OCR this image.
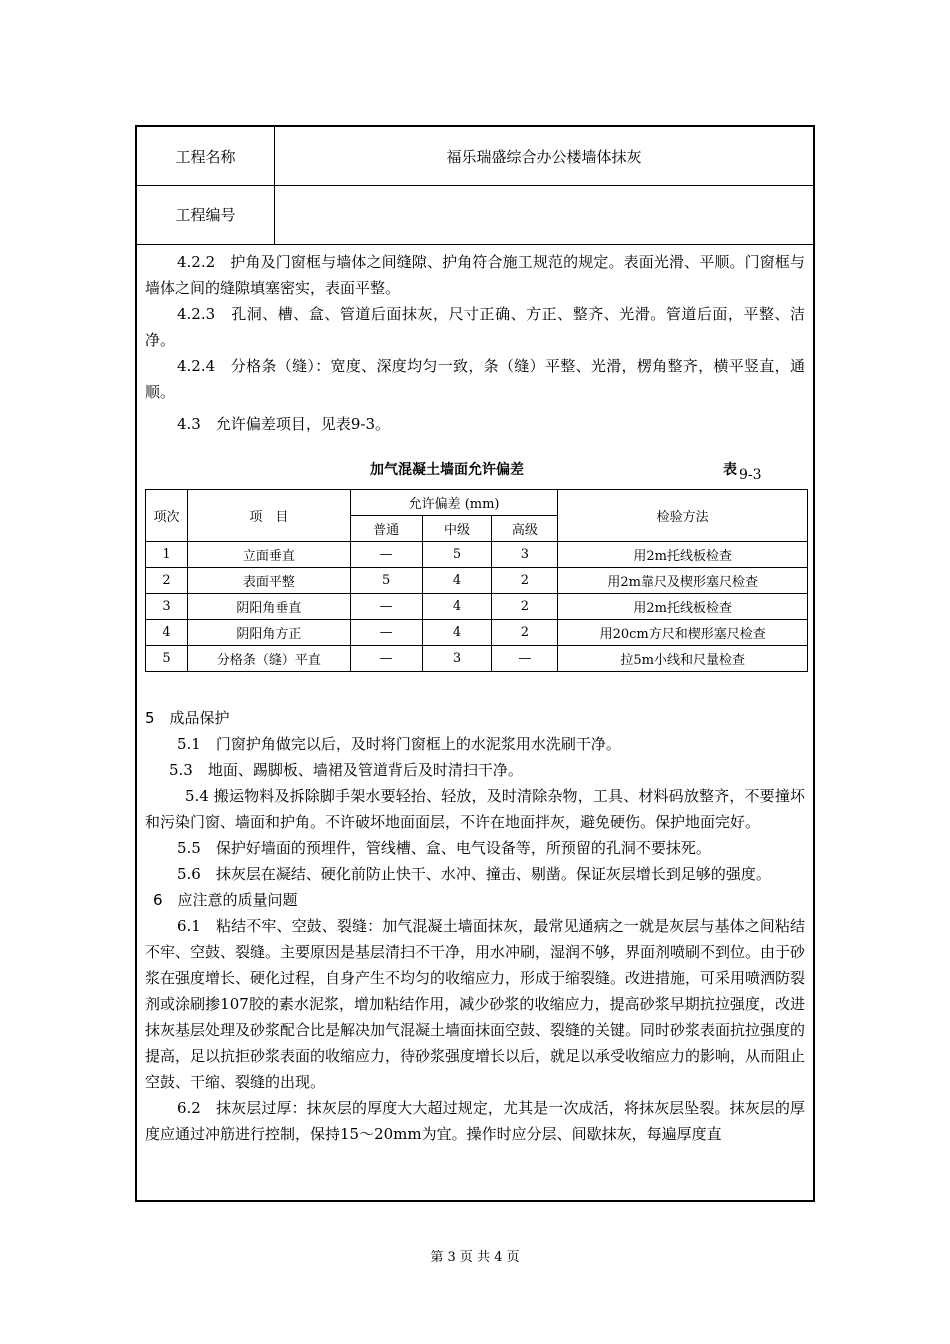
工程名称	福乐瑞盛综合办公楼墙体抹灰
工程编号

4.2.2　护角及门窗框与墙体之间缝隙、护角符合施工规范的规定。表面光滑、平顺。门窗框与墙体之间的缝隙填塞密实，表面平整。

4.2.3　孔洞、槽、盒、管道后面抹灰，尺寸正确、方正、整齐、光滑。管道后面，平整、洁净。

4.2.4　分格条（缝）：宽度、深度均匀一致，条（缝）平整、光滑，楞角整齐，横平竖直，通顺。

4.3　允许偏差项目，见表9-3。

加气混凝土墙面允许偏差	表 9-3
项次	项　目	允许偏差 (mm)			检验方法
		普通	中级	高级	
1	立面垂直	—	5	3	用2m托线板检查
2	表面平整	5	4	2	用2m靠尺及楔形塞尺检查
3	阴阳角垂直	—	4	2	用2m托线板检查
4	阴阳角方正	—	4	2	用20cm方尺和楔形塞尺检查
5	分格条（缝）平直	—	3	—	拉5m小线和尺量检查

5　成品保护

5.1　门窗护角做完以后，及时将门窗框上的水泥浆用水洗刷干净。

5.3　地面、踢脚板、墙裙及管道背后及时清扫干净。

5.4 搬运物料及拆除脚手架水要轻抬、轻放，及时清除杂物，工具、材料码放整齐，不要撞坏和污染门窗、墙面和护角。不许破坏地面面层，不许在地面拌灰，避免硬伤。保护地面完好。

5.5　保护好墙面的预埋件，管线槽、盒、电气设备等，所预留的孔洞不要抹死。

5.6　抹灰层在凝结、硬化前防止快干、水冲、撞击、剔凿。保证灰层增长到足够的强度。

6　应注意的质量问题

6.1　粘结不牢、空鼓、裂缝：加气混凝土墙面抹灰，最常见通病之一就是灰层与基体之间粘结不牢、空鼓、裂缝。主要原因是基层清扫不干净，用水冲刷，湿润不够，界面剂喷刷不到位。由于砂浆在强度增长、硬化过程，自身产生不均匀的收缩应力，形成于缩裂缝。改进措施，可采用喷洒防裂剂或涂刷掺107胶的素水泥浆，增加粘结作用，减少砂浆的收缩应力，提高砂浆早期抗拉强度，改进抹灰基层处理及砂浆配合比是解决加气混凝土墙面抹面空鼓、裂缝的关键。同时砂浆表面抗拉强度的提高，足以抗拒砂浆表面的收缩应力，待砂浆强度增长以后，就足以承受收缩应力的影响，从而阻止空鼓、干缩、裂缝的出现。

6.2　抹灰层过厚：抹灰层的厚度大大超过规定，尤其是一次成活，将抹灰层坠裂。抹灰层的厚度应通过冲筋进行控制，保持15～20mm为宜。操作时应分层、间歇抹灰，每遍厚度直

第 3 页 共 4 页
